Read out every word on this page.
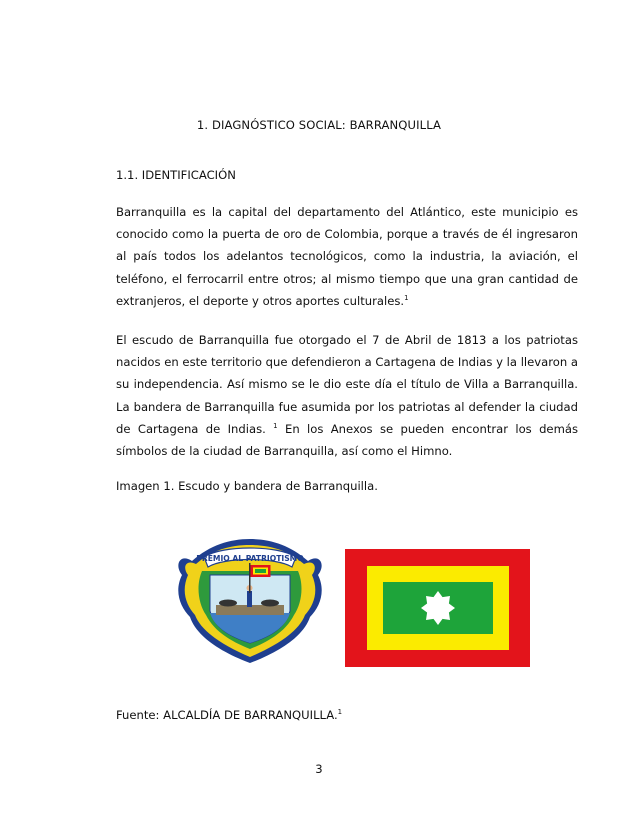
1. DIAGNÓSTICO SOCIAL: BARRANQUILLA
1.1. IDENTIFICACIÓN

Barranquilla es la capital del departamento del Atlántico, este municipio es conocido como la puerta de oro de Colombia, porque a través de él ingresaron al país todos los adelantos tecnológicos, como la industria, la aviación, el teléfono, el ferrocarril entre otros; al mismo tiempo que una gran cantidad de extranjeros, el deporte y otros aportes culturales.$^1$

El escudo de Barranquilla fue otorgado el 7 de Abril de 1813 a los patriotas nacidos en este territorio que defendieron a Cartagena de Indias y la llevaron a su independencia. Así mismo se le dio este día el título de Villa a Barranquilla. La bandera de Barranquilla fue asumida por los patriotas al defender la ciudad de Cartagena de Indias. $^1$ En los Anexos se pueden encontrar los demás símbolos de la ciudad de Barranquilla, así como el Himno.

Imagen 1. Escudo y bandera de Barranquilla.
PREMIO AL PATRIOTISMO
Fuente: ALCALDÍA DE BARRANQUILLA.$^1$
3
